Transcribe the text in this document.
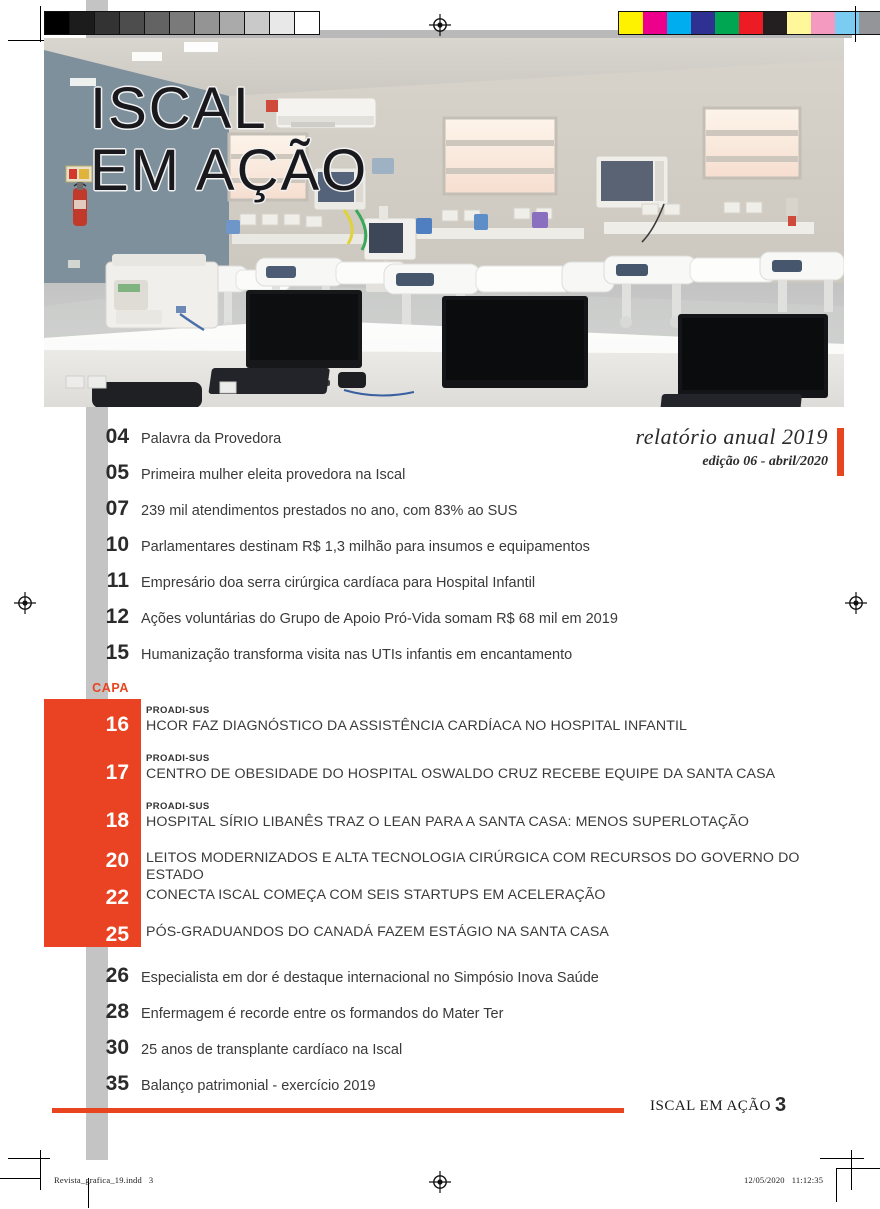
ISCAL
EM AÇÃO
relatório anual 2019
edição 06 - abril/2020
04 Palavra da Provedora
05 Primeira mulher eleita provedora na Iscal
07 239 mil atendimentos prestados no ano, com 83% ao SUS
10 Parlamentares destinam R$ 1,3 milhão para insumos e equipamentos
11 Empresário doa serra cirúrgica cardíaca para Hospital Infantil
12 Ações voluntárias do Grupo de Apoio Pró-Vida somam R$ 68 mil em 2019
15 Humanização transforma visita nas UTIs infantis em encantamento
CAPA
16
PROADI-SUS
HCOR FAZ DIAGNÓSTICO DA ASSISTÊNCIA CARDÍACA NO HOSPITAL INFANTIL
17
PROADI-SUS
CENTRO DE OBESIDADE DO HOSPITAL OSWALDO CRUZ RECEBE EQUIPE DA SANTA CASA
18
PROADI-SUS
HOSPITAL SÍRIO LIBANÊS TRAZ O LEAN PARA A SANTA CASA: MENOS SUPERLOTAÇÃO
20	LEITOS MODERNIZADOS E ALTA TECNOLOGIA CIRÚRGICA COM RECURSOS DO GOVERNO DO ESTADO
22	CONECTA ISCAL COMEÇA COM SEIS STARTUPS EM ACELERAÇÃO
25	PÓS-GRADUANDOS DO CANADÁ FAZEM ESTÁGIO NA SANTA CASA
26 Especialista em dor é destaque internacional no Simpósio Inova Saúde
28 Enfermagem é recorde entre os formandos do Mater Ter
30 25 anos de transplante cardíaco na Iscal
35 Balanço patrimonial - exercício 2019
ISCAL EM AÇÃO 3
Revista_grafica_19.indd   3	12/05/2020   11:12:35
